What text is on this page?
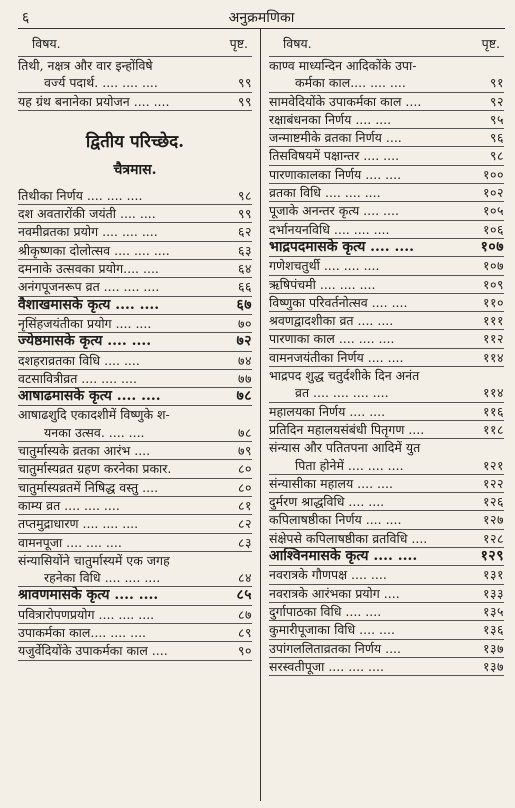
६	अनुक्रमणिका
विषय.	पृष्ट.
तिथी, नक्षत्र और वार इन्होंविषे
वर्ज्य पदार्थ. .... .... ....	९९
यह ग्रंथ बनानेका प्रयोजन .... ....	९९
द्वितीय परिच्छेद.
चैत्रमास.
तिथीका निर्णय .... .... ....	९८
दश अवतारोंकी जयंती .... ....	९९
नवमीव्रतका प्रयोग .... .... ....	६२
श्रीकृष्णका दोलोत्सव .... .... ....	६३
दमनाके उत्सवका प्रयोग.... ....	६४
अनंगपूजनरूप व्रत .... .... ....	६६
वैशाखमासके कृत्य .... ....	६७
नृसिंहजयंतीका प्रयोग .... ....	७०
ज्येष्ठमासके कृत्य .... ....	७२
दशहराव्रतका विधि .... ....	७४
वटसावित्रीव्रत .... .... ....	७७
आषाढमासके कृत्य .... ....	७८
आषाढशुदि एकादशीमें विष्णुके श-
यनका उत्सव. .... ....	७८
चातुर्मास्यके व्रतका आरंभ ....	७९
चातुर्मास्यव्रत ग्रहण करनेका प्रकार.	८०
चातुर्मास्यव्रतमें निषिद्ध वस्तु ....	८०
काम्य व्रत .... .... ....	८१
तप्तमुद्राधारण .... .... ....	८२
वामनपूजा .... .... ....	८३
संन्यासियोंने चातुर्मास्यमें एक जगह
रहनेका विधि .... .... ....	८४
श्रावणमासके कृत्य .... ....	८५
पवित्रारोपणप्रयोग .... .... ....	८७
उपाकर्मका काल.... .... ....	८९
यजुर्वेदियोंके उपाकर्मका काल ....	९०
विषय.	पृष्ट.
काण्व माध्यन्दिन आदिकोंके उपा-
कर्मका काल.... .... ....	९१
सामवेदियोंके उपाकर्मका काल ....	९२
रक्षाबंधनका निर्णय .... ....	९५
जन्माष्टमीके व्रतका निर्णय ....	९६
तिसविषयमें पक्षान्तर .... ....	९८
पारणाकालका निर्णय .... ....	१००
व्रतका विधि .... .... ....	१०२
पूजाके अनन्तर कृत्य .... ....	१०५
दर्भानयनविधि .... .... ....	१०६
भाद्रपदमासके कृत्य .... ....	१०७
गणेशचतुर्थी .... .... ....	१०७
ऋषिपंचमी .... .... ....	१०९
विष्णुका परिवर्तनोत्सव .... ....	११०
श्रवणद्वादशीका व्रत .... ....	१११
पारणाका काल .... .... ....	११२
वामनजयंतीका निर्णय .... ....	११४
भाद्रपद शुद्ध चतुर्दशीके दिन अनंत
व्रत .... .... .... ....	११४
महालयका निर्णय .... ....	११६
प्रतिदिन महालयसंबंधी पितृगण ....	११८
संन्यास और पतितपना आदिमें युत
पिता होनेमें .... .... ....	१२१
संन्यासीका महालय .... ....	१२२
दुर्मरण श्राद्धविधि .... ....	१२६
कपिलाषष्ठीका निर्णय .... ....	१२७
संक्षेपसे कपिलाषष्ठीका व्रतविधि ....	१२८
आश्विनमासके कृत्य .... ....	१२९
नवरात्रके गौणपक्ष .... ....	१३१
नवरात्रके आरंभका प्रयोग ....	१३३
दुर्गापाठका विधि .... ....	१३५
कुमारीपूजाका विधि .... ....	१३६
उपांगललिताव्रतका निर्णय ....	१३७
सरस्वतीपूजा .... .... ....	१३७
